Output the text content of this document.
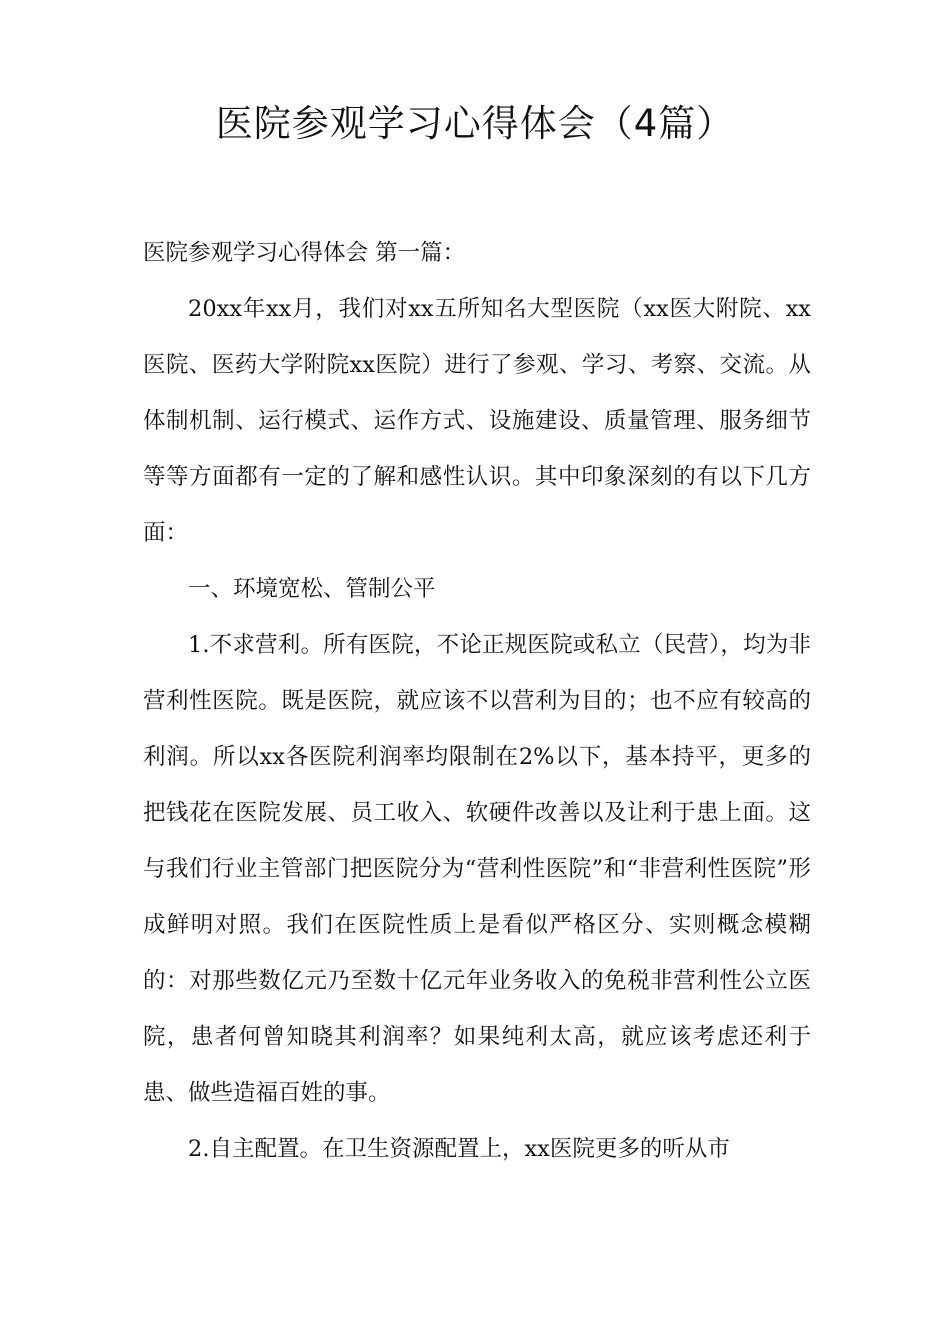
医院参观学习心得体会（4篇）

医院参观学习心得体会 第一篇：

20xx年xx月，我们对xx五所知名大型医院（xx医大附院、xx医院、医药大学附院xx医院）进行了参观、学习、考察、交流。从体制机制、运行模式、运作方式、设施建设、质量管理、服务细节等等方面都有一定的了解和感性认识。其中印象深刻的有以下几方面：

一、环境宽松、管制公平

1.不求营利。所有医院，不论正规医院或私立（民营），均为非营利性医院。既是医院，就应该不以营利为目的；也不应有较高的利润。所以xx各医院利润率均限制在2%以下，基本持平，更多的把钱花在医院发展、员工收入、软硬件改善以及让利于患上面。这与我们行业主管部门把医院分为“营利性医院”和“非营利性医院”形成鲜明对照。我们在医院性质上是看似严格区分、实则概念模糊的：对那些数亿元乃至数十亿元年业务收入的免税非营利性公立医院，患者何曾知晓其利润率？如果纯利太高，就应该考虑还利于患、做些造福百姓的事。

2.自主配置。在卫生资源配置上，xx医院更多的听从市
